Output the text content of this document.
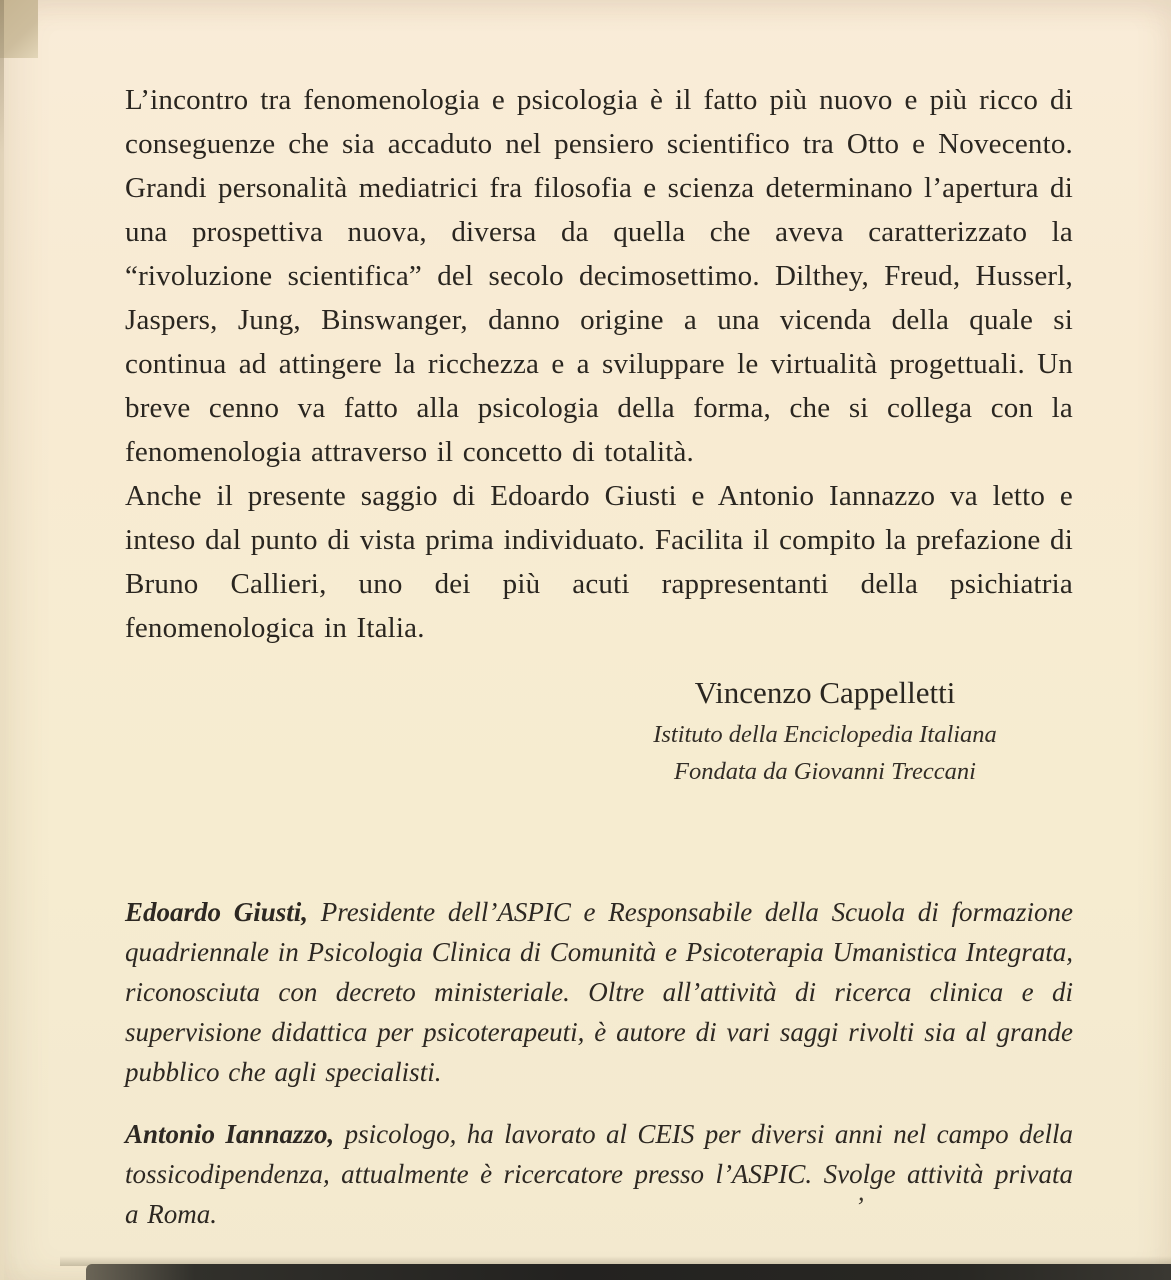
L’incontro tra fenomenologia e psicologia è il fatto più nuovo e più ricco di conseguenze che sia accaduto nel pensiero scientifico tra Otto e Novecento. Grandi personalità mediatrici fra filosofia e scienza determinano l’apertura di una prospettiva nuova, diversa da quella che aveva caratterizzato la “rivoluzione scientifica” del secolo decimosettimo. Dilthey, Freud, Husserl, Jaspers, Jung, Binswanger, danno origine a una vicenda della quale si continua ad attingere la ricchezza e a sviluppare le virtualità progettuali. Un breve cenno va fatto alla psicologia della forma, che si collega con la fenomenologia attraverso il concetto di totalità.

Anche il presente saggio di Edoardo Giusti e Antonio Iannazzo va letto e inteso dal punto di vista prima individuato. Facilita il compito la prefazione di Bruno Callieri, uno dei più acuti rappresentanti della psichiatria fenomenologica in Italia.

Vincenzo Cappelletti
Istituto della Enciclopedia Italiana
Fondata da Giovanni Treccani

Edoardo Giusti, Presidente dell’ASPIC e Responsabile della Scuola di formazione quadriennale in Psicologia Clinica di Comunità e Psicoterapia Umanistica Integrata, riconosciuta con decreto ministeriale. Oltre all’attività di ricerca clinica e di supervisione didattica per psicoterapeuti, è autore di vari saggi rivolti sia al grande pubblico che agli specialisti.

Antonio Iannazzo, psicologo, ha lavorato al CEIS per diversi anni nel campo della tossicodipendenza, attualmente è ricercatore presso l’ASPIC. Svolge attività privata a Roma.	’
